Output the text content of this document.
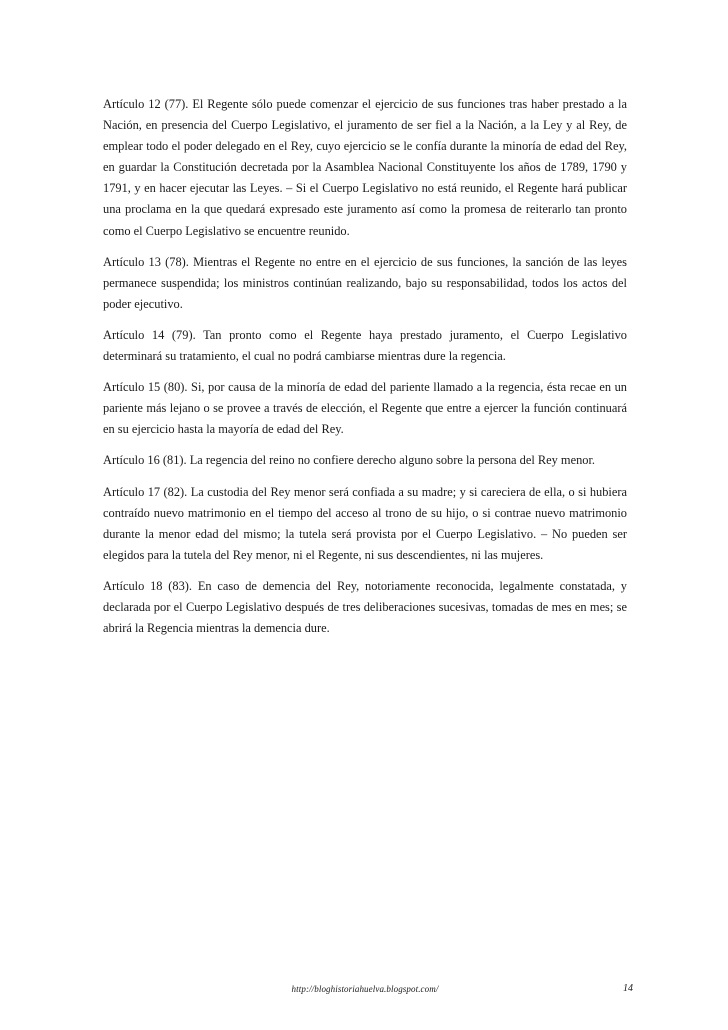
Artículo 12 (77). El Regente sólo puede comenzar el ejercicio de sus funciones tras haber prestado a la Nación, en presencia del Cuerpo Legislativo, el juramento de ser fiel a la Nación, a la Ley y al Rey, de emplear todo el poder delegado en el Rey, cuyo ejercicio se le confía durante la minoría de edad del Rey, en guardar la Constitución decretada por la Asamblea Nacional Constituyente los años de 1789, 1790 y 1791, y en hacer ejecutar las Leyes. – Si el Cuerpo Legislativo no está reunido, el Regente hará publicar una proclama en la que quedará expresado este juramento así como la promesa de reiterarlo tan pronto como el Cuerpo Legislativo se encuentre reunido.

Artículo 13 (78). Mientras el Regente no entre en el ejercicio de sus funciones, la sanción de las leyes permanece suspendida; los ministros continúan realizando, bajo su responsabilidad, todos los actos del poder ejecutivo.

Artículo 14 (79). Tan pronto como el Regente haya prestado juramento, el Cuerpo Legislativo determinará su tratamiento, el cual no podrá cambiarse mientras dure la regencia.

Artículo 15 (80). Si, por causa de la minoría de edad del pariente llamado a la regencia, ésta recae en un pariente más lejano o se provee a través de elección, el Regente que entre a ejercer la función continuará en su ejercicio hasta la mayoría de edad del Rey.

Artículo 16 (81). La regencia del reino no confiere derecho alguno sobre la persona del Rey menor.

Artículo 17 (82). La custodia del Rey menor será confiada a su madre; y si careciera de ella, o si hubiera contraído nuevo matrimonio en el tiempo del acceso al trono de su hijo, o si contrae nuevo matrimonio durante la menor edad del mismo; la tutela será provista por el Cuerpo Legislativo. – No pueden ser elegidos para la tutela del Rey menor, ni el Regente, ni sus descendientes, ni las mujeres.

Artículo 18 (83). En caso de demencia del Rey, notoriamente reconocida, legalmente constatada, y declarada por el Cuerpo Legislativo después de tres deliberaciones sucesivas, tomadas de mes en mes; se abrirá la Regencia mientras la demencia dure.

http://bloghistoriahuelva.blogspot.com/	14
